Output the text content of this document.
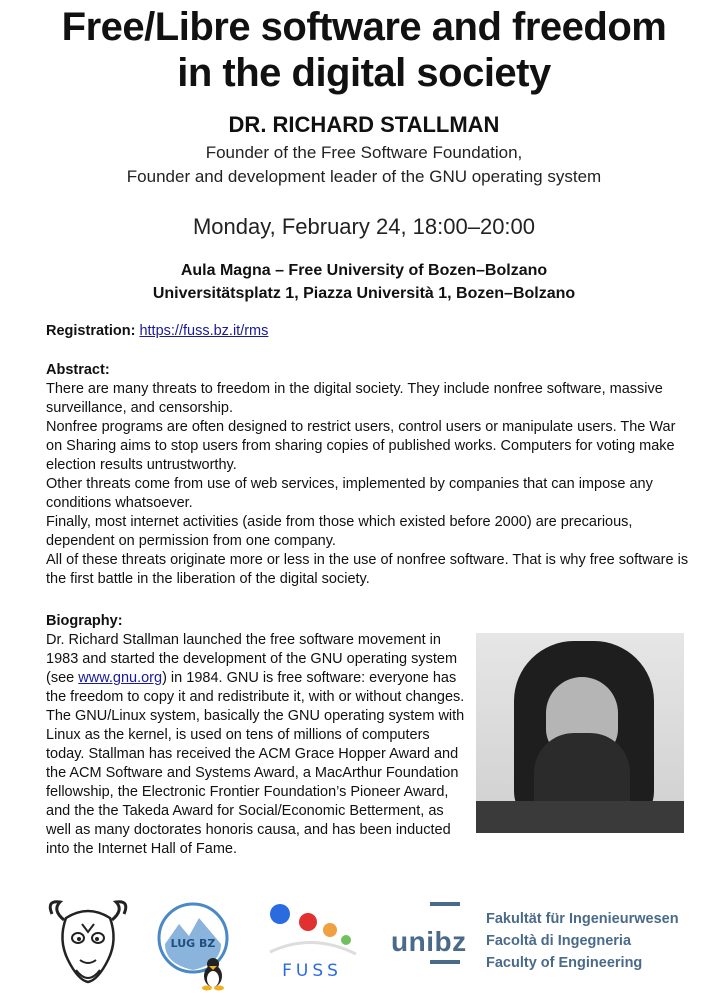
Free/Libre software and freedom
in the digital society
DR. RICHARD STALLMAN
Founder of the Free Software Foundation,
Founder and development leader of the GNU operating system
Monday, February 24, 18:00–20:00
Aula Magna – Free University of Bozen–Bolzano
Universitätsplatz 1, Piazza Università 1, Bozen–Bolzano
Registration: https://fuss.bz.it/rms

Abstract:

There are many threats to freedom in the digital society. They include nonfree software, massive surveillance, and censorship.

Nonfree programs are often designed to restrict users, control users or manipulate users. The War on Sharing aims to stop users from sharing copies of published works. Computers for voting make election results untrustworthy.

Other threats come from use of web services, implemented by companies that can impose any conditions whatsoever.

Finally, most internet activities (aside from those which existed before 2000) are precarious, dependent on permission from one company.

All of these threats originate more or less in the use of nonfree software. That is why free software is the first battle in the liberation of the digital society.

Biography:

Dr. Richard Stallman launched the free software movement in 1983 and started the development of the GNU operating system (see www.gnu.org) in 1984. GNU is free software: everyone has the freedom to copy it and redistribute it, with or without changes. The GNU/Linux system, basically the GNU operating system with Linux as the kernel, is used on tens of millions of computers today. Stallman has received the ACM Grace Hopper Award and the ACM Software and Systems Award, a MacArthur Foundation fellowship, the Electronic Frontier Foundation’s Pioneer Award, and the the Takeda Award for Social/Economic Betterment, as well as many doctorates honoris causa, and has been inducted into the Internet Hall of Fame.

LUG BZ
FUSS
unibz
Fakultät für Ingenieurwesen
Facoltà di Ingegneria
Faculty of Engineering
